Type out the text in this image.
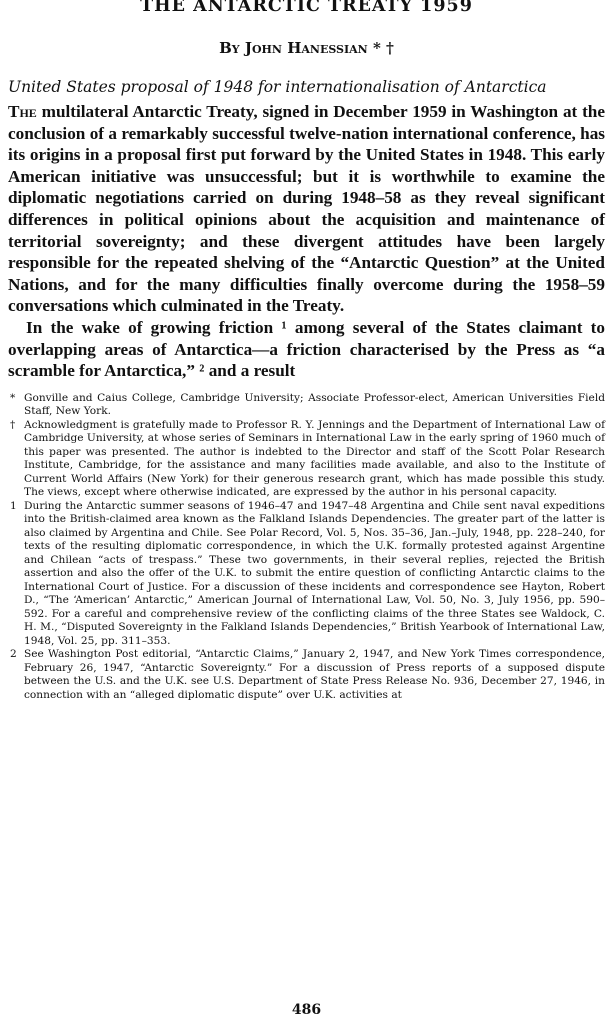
THE ANTARCTIC TREATY 1959
By John Hanessian * †
United States proposal of 1948 for internationalisation of Antarctica

The multilateral Antarctic Treaty, signed in December 1959 in Washington at the conclusion of a remarkably successful twelve-nation international conference, has its origins in a proposal first put forward by the United States in 1948. This early American initiative was unsuccessful; but it is worthwhile to examine the diplomatic negotiations carried on during 1948–58 as they reveal significant differences in political opinions about the acquisition and maintenance of territorial sovereignty; and these divergent attitudes have been largely responsible for the repeated shelving of the “Antarctic Question” at the United Nations, and for the many difficulties finally overcome during the 1958–59 conversations which culminated in the Treaty.

In the wake of growing friction ¹ among several of the States claimant to overlapping areas of Antarctica—a friction characterised by the Press as “a scramble for Antarctica,” ² and a result

* Gonville and Caius College, Cambridge University; Associate Professor-elect, American Universities Field Staff, New York.
† Acknowledgment is gratefully made to Professor R. Y. Jennings and the Department of International Law of Cambridge University, at whose series of Seminars in International Law in the early spring of 1960 much of this paper was presented. The author is indebted to the Director and staff of the Scott Polar Research Institute, Cambridge, for the assistance and many facilities made available, and also to the Institute of Current World Affairs (New York) for their generous research grant, which has made possible this study. The views, except where otherwise indicated, are expressed by the author in his personal capacity.
1 During the Antarctic summer seasons of 1946–47 and 1947–48 Argentina and Chile sent naval expeditions into the British-claimed area known as the Falkland Islands Dependencies. The greater part of the latter is also claimed by Argentina and Chile. See Polar Record, Vol. 5, Nos. 35–36, Jan.–July, 1948, pp. 228–240, for texts of the resulting diplomatic correspondence, in which the U.K. formally protested against Argentine and Chilean “acts of trespass.” These two governments, in their several replies, rejected the British assertion and also the offer of the U.K. to submit the entire question of conflicting Antarctic claims to the International Court of Justice. For a discussion of these incidents and correspondence see Hayton, Robert D., “The ‘American’ Antarctic,” American Journal of International Law, Vol. 50, No. 3, July 1956, pp. 590–592. For a careful and comprehensive review of the conflicting claims of the three States see Waldock, C. H. M., “Disputed Sovereignty in the Falkland Islands Dependencies,” British Yearbook of International Law, 1948, Vol. 25, pp. 311–353.
2 See Washington Post editorial, “Antarctic Claims,” January 2, 1947, and New York Times correspondence, February 26, 1947, “Antarctic Sovereignty.” For a discussion of Press reports of a supposed dispute between the U.S. and the U.K. see U.S. Department of State Press Release No. 936, December 27, 1946, in connection with an “alleged diplomatic dispute” over U.K. activities at
486
